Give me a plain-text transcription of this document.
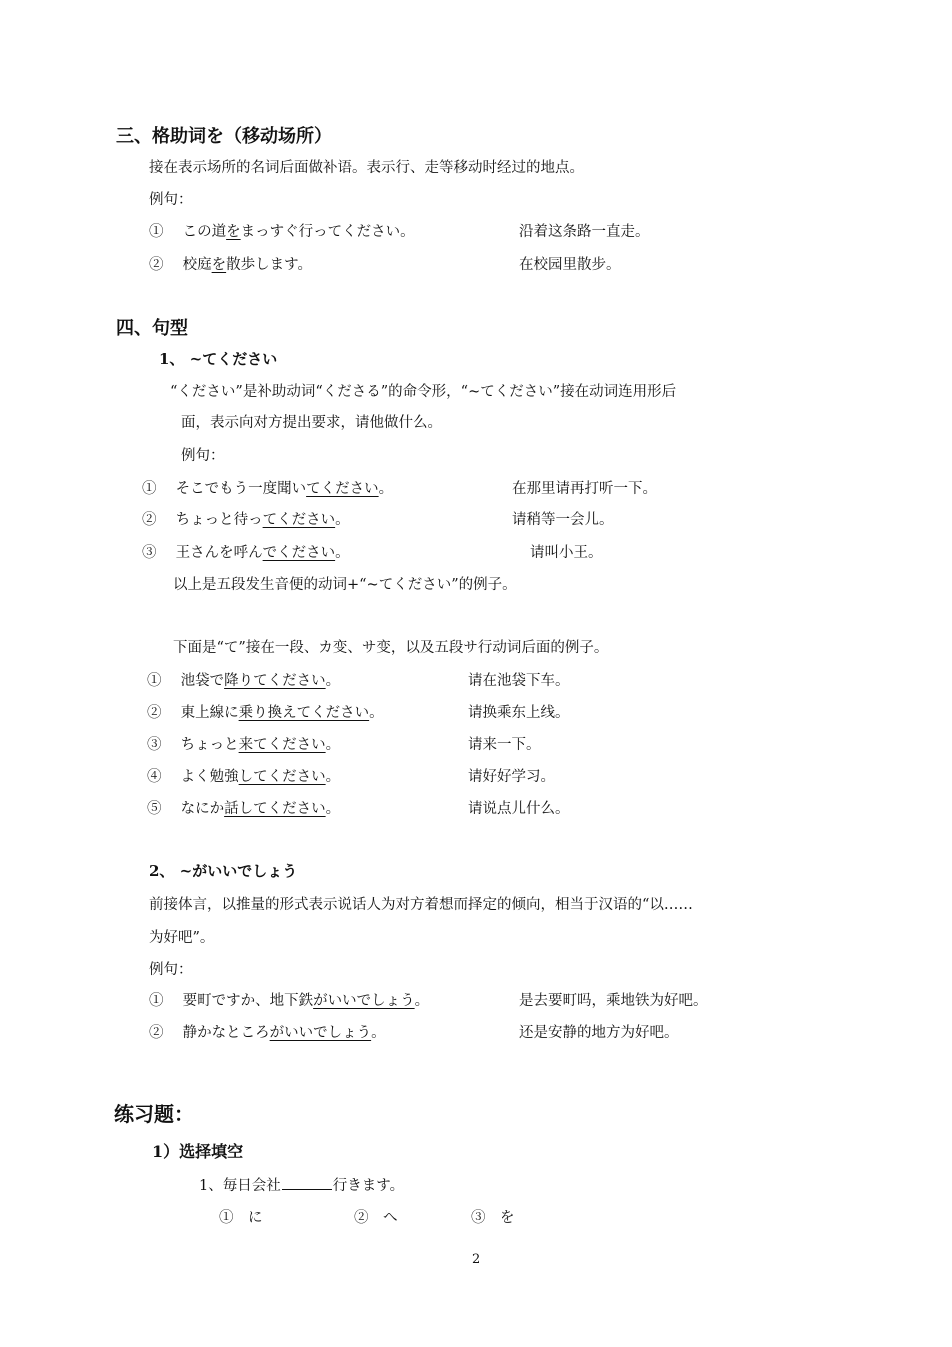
三、格助词を（移动场所）
接在表示场所的名词后面做补语。表示行、走等移动时经过的地点。
例句：
①　 この道をまっすぐ行ってください。	沿着这条路一直走。
②　 校庭を散歩します。	在校园里散步。
四、句型
1、 ~てください
“ください”是补助动词“くださる”的命令形，“~てください”接在动词连用形后
面，表示向对方提出要求，请他做什么。
例句：
①　 そこでもう一度聞いてください。	在那里请再打听一下。
②　 ちょっと待ってください。	请稍等一会儿。
③　 王さんを呼んでください。	请叫小王。
以上是五段发生音便的动词+“~てください”的例子。
下面是“て”接在一段、カ变、サ变，以及五段サ行动词后面的例子。
①　 池袋で降りてください。	请在池袋下车。
②　 東上線に乗り換えてください。	请换乘东上线。
③　 ちょっと来てください。	请来一下。
④　 よく勉強してください。	请好好学习。
⑤　 なにか話してください。	请说点儿什么。
2、 ~がいいでしょう
前接体言，以推量的形式表示说话人为对方着想而择定的倾向，相当于汉语的“以……
为好吧”。
例句：
①　 要町ですか、地下鉄がいいでしょう。	是去要町吗，乘地铁为好吧。
②　 静かなところがいいでしょう。	还是安静的地方为好吧。
练习题：
1）选择填空
1、毎日会社	行きます。
①　に	②　へ	③　を
2
